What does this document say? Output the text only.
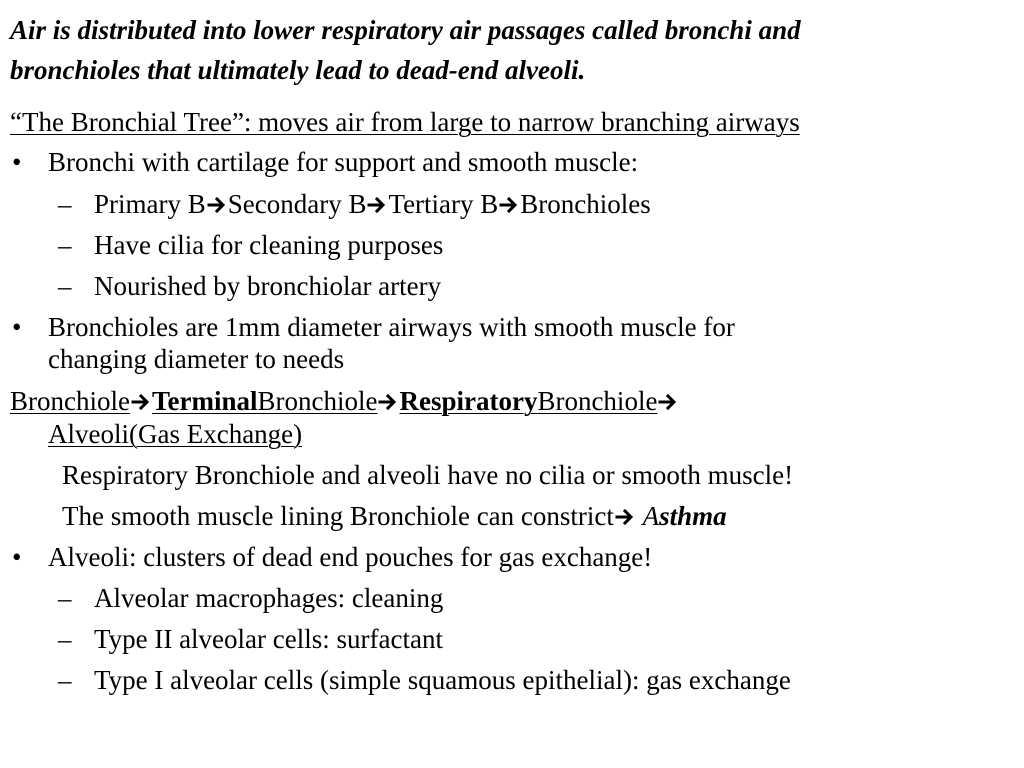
Air is distributed into lower respiratory air passages called bronchi and
bronchioles that ultimately lead to dead-end alveoli.
“The Bronchial Tree”: moves air from large to narrow branching airways
• Bronchi with cartilage for support and smooth muscle:
– Primary B Secondary B Tertiary B Bronchioles
– Have cilia for cleaning purposes
– Nourished by bronchiolar artery
• Bronchioles are 1mm diameter airways with smooth muscle for
changing diameter to needs
Bronchiole TerminalBronchiole RespiratoryBronchiole
Alveoli(Gas Exchange)
Respiratory Bronchiole and alveoli have no cilia or smooth muscle!
The smooth muscle lining Bronchiole can constrict Asthma
• Alveoli: clusters of dead end pouches for gas exchange!
– Alveolar macrophages: cleaning
– Type II alveolar cells: surfactant
– Type I alveolar cells (simple squamous epithelial): gas exchange
